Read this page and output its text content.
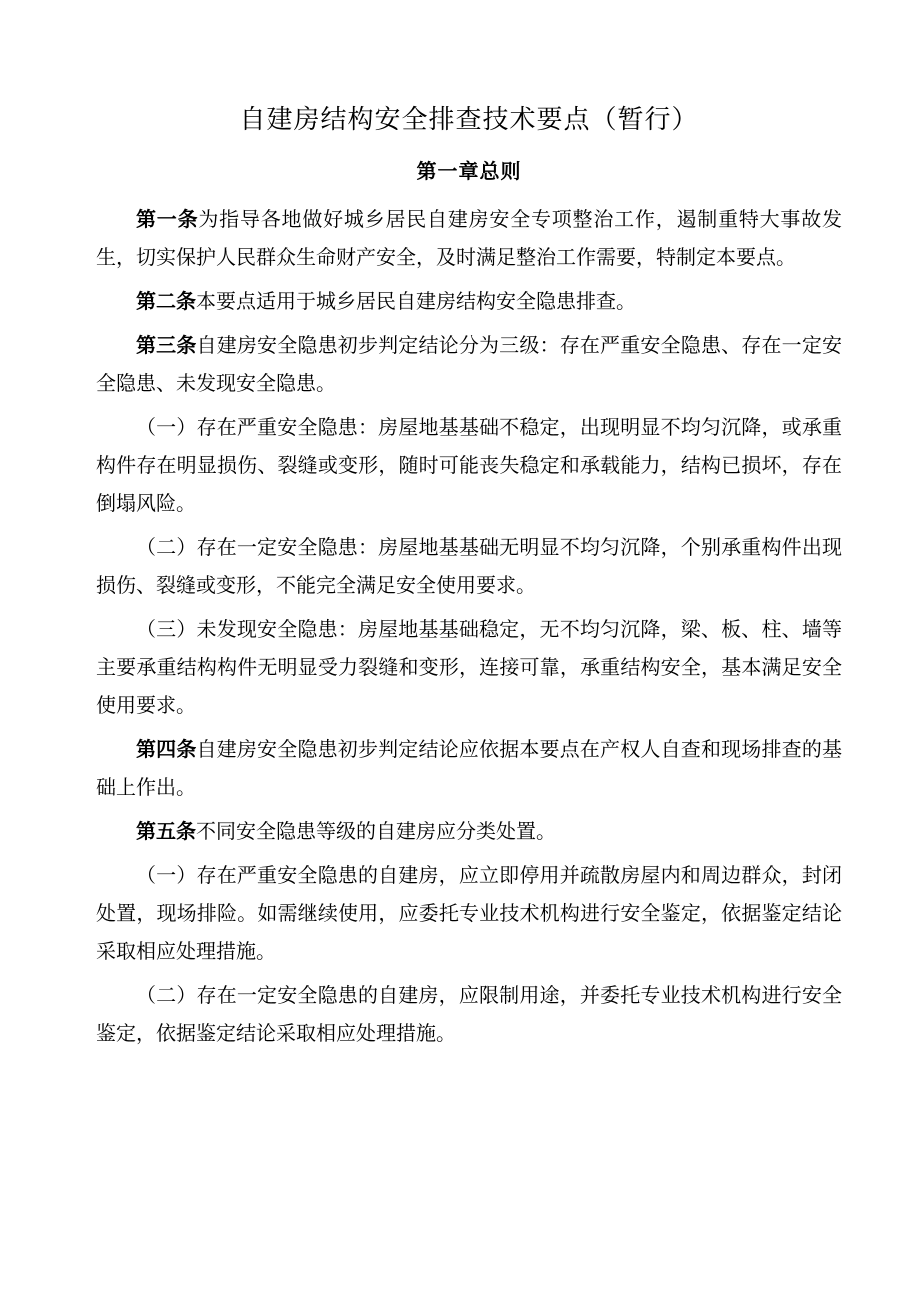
自建房结构安全排查技术要点（暂行）
第一章总则

第一条为指导各地做好城乡居民自建房安全专项整治工作，遏制重特大事故发生，切实保护人民群众生命财产安全，及时满足整治工作需要，特制定本要点。

第二条本要点适用于城乡居民自建房结构安全隐患排查。

第三条自建房安全隐患初步判定结论分为三级：存在严重安全隐患、存在一定安全隐患、未发现安全隐患。

（一）存在严重安全隐患：房屋地基基础不稳定，出现明显不均匀沉降，或承重构件存在明显损伤、裂缝或变形，随时可能丧失稳定和承载能力，结构已损坏，存在倒塌风险。

（二）存在一定安全隐患：房屋地基基础无明显不均匀沉降，个别承重构件出现损伤、裂缝或变形，不能完全满足安全使用要求。

（三）未发现安全隐患：房屋地基基础稳定，无不均匀沉降，梁、板、柱、墙等主要承重结构构件无明显受力裂缝和变形，连接可靠，承重结构安全，基本满足安全使用要求。

第四条自建房安全隐患初步判定结论应依据本要点在产权人自查和现场排查的基础上作出。

第五条不同安全隐患等级的自建房应分类处置。

（一）存在严重安全隐患的自建房，应立即停用并疏散房屋内和周边群众，封闭处置，现场排险。如需继续使用，应委托专业技术机构进行安全鉴定，依据鉴定结论采取相应处理措施。

（二）存在一定安全隐患的自建房，应限制用途，并委托专业技术机构进行安全鉴定，依据鉴定结论采取相应处理措施。
